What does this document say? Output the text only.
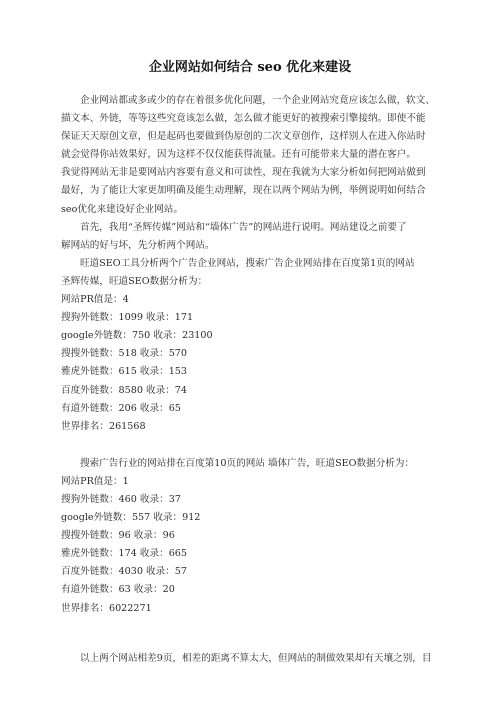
企业网站如何结合 seo 优化来建设
企业网站都或多或少的存在着很多优化问题，一个企业网站究竟应该怎么做，软文、
描文本、外链，等等这些究竟该怎么做，怎么做才能更好的被搜索引擎接纳。即使不能
保证天天原创文章，但是起码也要做到伪原创的二次文章创作，这样别人在进入你站时
就会觉得你站效果好，因为这样不仅仅能获得流量。还有可能带来大量的潜在客户。
我觉得网站无非是要网站内容要有意义和可读性，现在我就为大家分析如何把网站做到
最好，为了能让大家更加明确及能生动理解，现在以两个网站为例，举例说明如何结合
seo优化来建设好企业网站。
首先，我用“圣辉传媒”网站和“墙体广告”的网站进行说明。网站建设之前要了
解网站的好与坏，先分析两个网站。
旺道SEO工具分析两个广告企业网站，搜索广告企业网站排在百度第1页的网站
圣辉传媒，旺道SEO数据分析为：
网站PR值是：4
搜狗外链数：1099 收录：171
google外链数：750 收录：23100
搜搜外链数：518 收录：570
雅虎外链数：615 收录：153
百度外链数：8580 收录：74
有道外链数：206 收录：65
世界排名：261568
搜索广告行业的网站排在百度第10页的网站 墙体广告，旺道SEO数据分析为：
网站PR值是：1
搜狗外链数：460 收录：37
google外链数：557 收录：912
搜搜外链数：96 收录：96
雅虎外链数：174 收录：665
百度外链数：4030 收录：57
有道外链数：63 收录：20
世界排名：6022271
以上两个网站相差9页，相差的距离不算太大，但网站的制做效果却有天壤之别，目
